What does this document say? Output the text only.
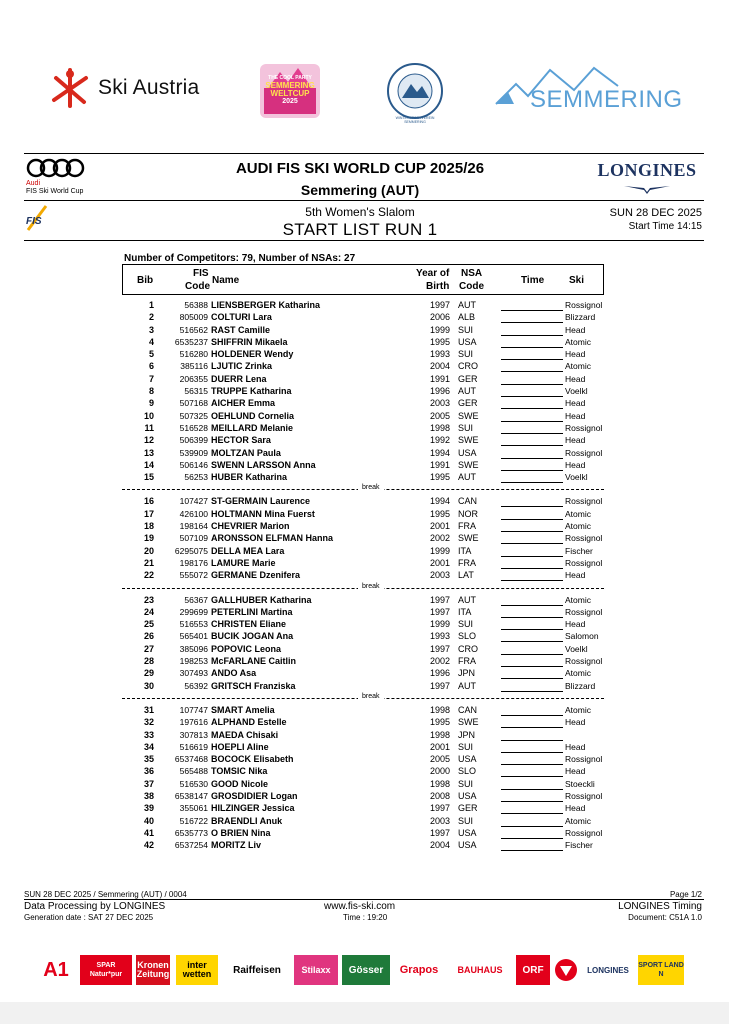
Ski Austria	THE COOL PARTY
SEMMERING
WELTCUP
2025
WINTERSPORTVEREIN SEMMERING
SEMMERING
Audi
FIS Ski World Cup
AUDI FIS SKI WORLD CUP 2025/26
Semmering (AUT)
LONGINES
FIS
5th Women's Slalom
START LIST RUN 1
SUN 28 DEC 2025
Start Time 14:15
Number of Competitors: 79, Number of NSAs: 27
Bib
FIS
Code
Name
Year of
Birth
NSA
Code
Time Ski
1	56388 LIENSBERGER Katharina	1997 AUT	Rossignol
2	805009 COLTURI Lara	2006 ALB	Blizzard
3	516562 RAST Camille	1999 SUI	Head
4	6535237 SHIFFRIN Mikaela	1995 USA	Atomic
5	516280 HOLDENER Wendy	1993 SUI	Head
6	385116 LJUTIC Zrinka	2004 CRO	Atomic
7	206355 DUERR Lena	1991 GER	Head
8	56315 TRUPPE Katharina	1996 AUT	Voelkl
9	507168 AICHER Emma	2003 GER	Head
10	507325 OEHLUND Cornelia	2005 SWE	Head
11	516528 MEILLARD Melanie	1998 SUI	Rossignol
12	506399 HECTOR Sara	1992 SWE	Head
13	539909 MOLTZAN Paula	1994 USA	Rossignol
14	506146 SWENN LARSSON Anna	1991 SWE	Head
15	56253 HUBER Katharina	1995 AUT	Voelkl
break
16	107427 ST-GERMAIN Laurence	1994 CAN	Rossignol
17	426100 HOLTMANN Mina Fuerst	1995 NOR	Atomic
18	198164 CHEVRIER Marion	2001 FRA	Atomic
19	507109 ARONSSON ELFMAN Hanna	2002 SWE	Rossignol
20	6295075 DELLA MEA Lara	1999 ITA	Fischer
21	198176 LAMURE Marie	2001 FRA	Rossignol
22	555072 GERMANE Dzenifera	2003 LAT	Head
break
23	56367 GALLHUBER Katharina	1997 AUT	Atomic
24	299699 PETERLINI Martina	1997 ITA	Rossignol
25	516553 CHRISTEN Eliane	1999 SUI	Head
26	565401 BUCIK JOGAN Ana	1993 SLO	Salomon
27	385096 POPOVIC Leona	1997 CRO	Voelkl
28	198253 McFARLANE Caitlin	2002 FRA	Rossignol
29	307493 ANDO Asa	1996 JPN	Atomic
30	56392 GRITSCH Franziska	1997 AUT	Blizzard
break
31	107747 SMART Amelia	1998 CAN	Atomic
32	197616 ALPHAND Estelle	1995 SWE	Head
33	307813 MAEDA Chisaki	1998 JPN
34	516619 HOEPLI Aline	2001 SUI	Head
35	6537468 BOCOCK Elisabeth	2005 USA	Rossignol
36	565488 TOMSIC Nika	2000 SLO	Head
37	516530 GOOD Nicole	1998 SUI	Stoeckli
38	6538147 GROSDIDIER Logan	2008 USA	Rossignol
39	355061 HILZINGER Jessica	1997 GER	Head
40	516722 BRAENDLI Anuk	2003 SUI	Atomic
41	6535773 O BRIEN Nina	1997 USA	Rossignol
42	6537254 MORITZ Liv	2004 USA	Fischer
SUN 28 DEC 2025 / Semmering (AUT) / 0004	Page 1/2
Data Processing by LONGINES	www.fis-ski.com	LONGINES Timing
Generation date : SAT 27 DEC 2025	Time : 19:20	Document: C51A 1.0
A1	SPAR Natur*pur
Kronen Zeitung
inter wetten	Raiffeisen	Stilaxx	Gösser	Grapos	BAUHAUS	ORF	LONGINES	SPORT LAND N
